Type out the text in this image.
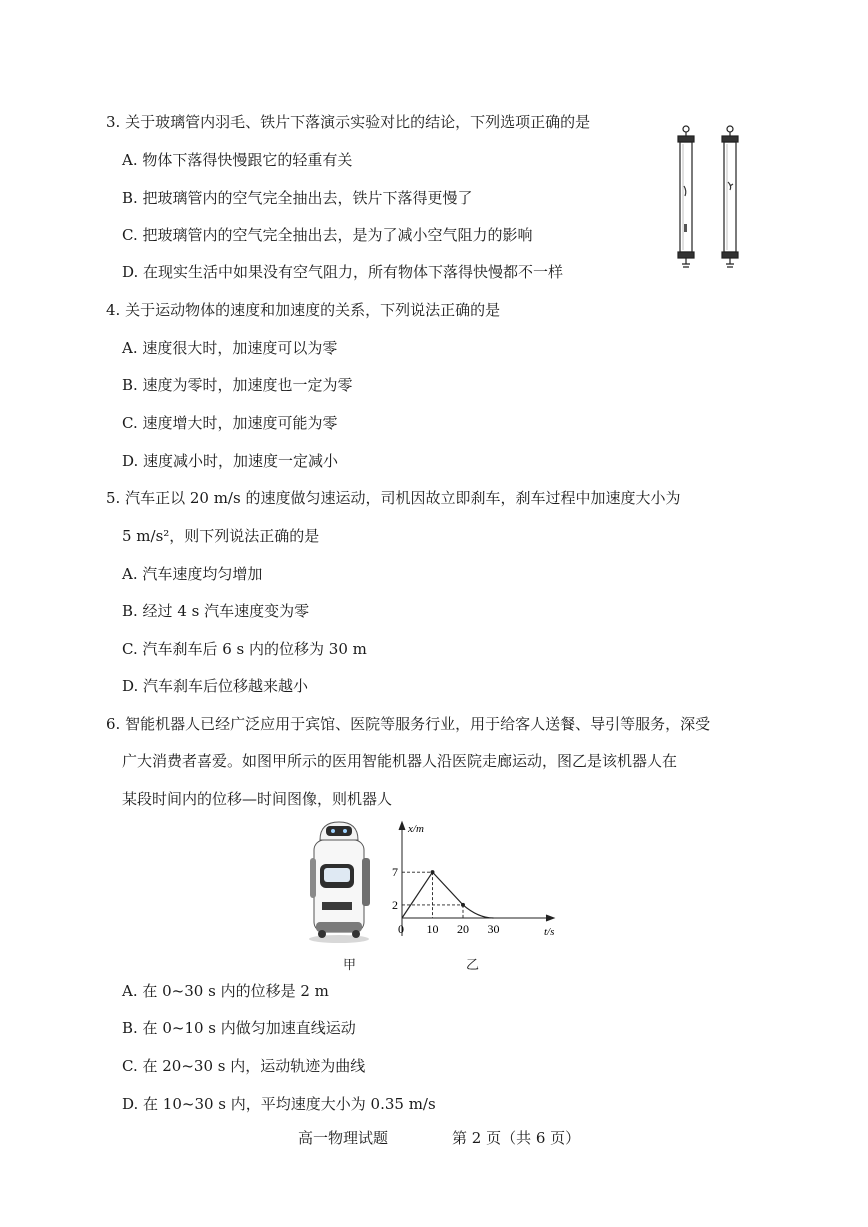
3. 关于玻璃管内羽毛、铁片下落演示实验对比的结论，下列选项正确的是
A. 物体下落得快慢跟它的轻重有关
B. 把玻璃管内的空气完全抽出去，铁片下落得更慢了
C. 把玻璃管内的空气完全抽出去，是为了减小空气阻力的影响
D. 在现实生活中如果没有空气阻力，所有物体下落得快慢都不一样
4. 关于运动物体的速度和加速度的关系，下列说法正确的是
A. 速度很大时，加速度可以为零
B. 速度为零时，加速度也一定为零
C. 速度增大时，加速度可能为零
D. 速度减小时，加速度一定减小
5. 汽车正以 20 m/s 的速度做匀速运动，司机因故立即刹车，刹车过程中加速度大小为
5 m/s²，则下列说法正确的是
A. 汽车速度均匀增加
B. 经过 4 s 汽车速度变为零
C. 汽车刹车后 6 s 内的位移为 30 m
D. 汽车刹车后位移越来越小
6. 智能机器人已经广泛应用于宾馆、医院等服务行业，用于给客人送餐、导引等服务，深受
广大消费者喜爱。如图甲所示的医用智能机器人沿医院走廊运动，图乙是该机器人在
某段时间内的位移—时间图像，则机器人
7
2
10 20 30
x/m
t/s
0
甲	乙
A. 在 0~30 s 内的位移是 2 m
B. 在 0~10 s 内做匀加速直线运动
C. 在 20~30 s 内，运动轨迹为曲线
D. 在 10~30 s 内，平均速度大小为 0.35 m/s
高一物理试题	第 2 页（共 6 页）
